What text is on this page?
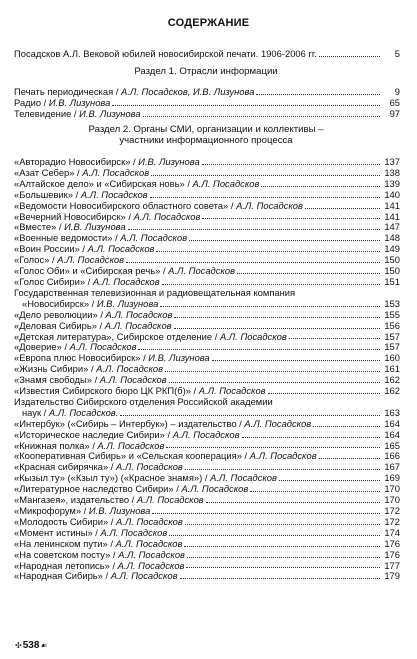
СОДЕРЖАНИЕ
Посадсков А.Л. Вековой юбилей новосибирской печати. 1906-2006 гг.	5
Раздел 1. Отрасли информации
Печать периодическая / А.Л. Посадсков, И.В. Лизунова	9
Радио / И.В. Лизунова	65
Телевидение / И.В. Лизунова	97
Раздел 2. Органы СМИ, организации и коллективы –
участники информационного процесса
«Авторадио Новосибирск» / И.В. Лизунова	137
«Азат Себер» / А.Л. Посадсков	138
«Алтайское дело» и «Сибирская новь» / А.Л. Посадсков	139
«Большевик» / А.Л. Посадсков	140
«Ведомости Новосибирского областного совета» / А.Л. Посадсков	141
«Вечерний Новосибирск» / А.Л. Посадсков	141
«Вместе» / И.В. Лизунова	147
«Военные ведомости» / А.Л. Посадсков	148
«Воин России» / А.Л. Посадсков	149
«Голос» / А.Л. Посадсков	150
«Голос Оби» и «Сибирская речь» / А.Л. Посадсков	150
«Голос Сибири» / А.Л. Посадсков	151
Государственная телевизионная и радиовещательная компания
«Новосибирск» / И.В. Лизунова	153
«Дело революции» / А.Л. Посадсков	155
«Деловая Сибирь» / А.Л. Посадсков	156
«Детская литература», Сибирское отделение / А.Л. Посадсков	157
«Доверие» / А.Л. Посадсков	157
«Европа плюс Новосибирск» / И.В. Лизунова	160
«Жизнь Сибири» / А.Л. Посадсков	161
«Знамя свободы» / А.Л. Посадсков	162
«Известия Сибирского бюро ЦК РКП(б)» / А.Л. Посадсков	162
Издательство Сибирского отделения Российской академии
наук / А.Л. Посадсков.	163
«Интербук» («Сибирь – Интербук») – издательство / А.Л. Посадсков	164
«Историческое наследие Сибири» / А.Л. Посадсков	164
«Книжная полка» / А.Л. Посадсков	165
«Кооперативная Сибирь» и «Сельская кооперация» / А.Л. Посадсков	166
«Красная сибирячка» / А.Л. Посадсков	167
«Кызыл ту» («Кзыл ту») («Красное знамя») / А.Л. Посадсков	169
«Литературное наследство Сибири» / А.Л. Посадсков	170
«Мангазея», издательство / А.Л. Посадсков	170
«Микрофорум» / И.В. Лизунова	172
«Молодость Сибири» / А.Л. Посадсков	172
«Момент истины» / А.Л. Посадсков	174
«На ленинском пути» / А.Л. Посадсков	176
«На советском посту» / А.Л. Посадсков	176
«Народная летопись» / А.Л. Посадсков	177
«Народная Сибирь» / А.Л. Посадсков	179
✣ 538 ☙
